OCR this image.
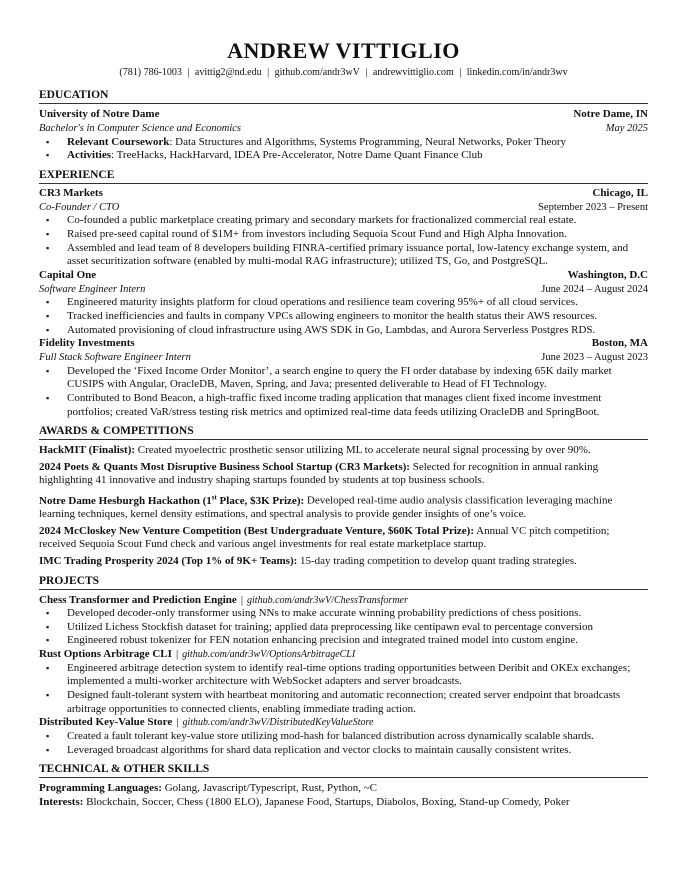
ANDREW VITTIGLIO
(781) 786-1003 | avittig2@nd.edu | github.com/andr3wV | andrewvittiglio.com | linkedin.com/in/andr3wv
EDUCATION
University of Notre Dame	Notre Dame, IN
Bachelor's in Computer Science and Economics	May 2025
▪ Relevant Coursework: Data Structures and Algorithms, Systems Programming, Neural Networks, Poker Theory
▪ Activities: TreeHacks, HackHarvard, IDEA Pre-Accelerator, Notre Dame Quant Finance Club
EXPERIENCE
CR3 Markets	Chicago, IL
Co-Founder / CTO	September 2023 – Present
▪ Co-founded a public marketplace creating primary and secondary markets for fractionalized commercial real estate.
▪ Raised pre-seed capital round of $1M+ from investors including Sequoia Scout Fund and High Alpha Innovation.
▪ Assembled and lead team of 8 developers building FINRA-certified primary issuance portal, low-latency exchange system, and asset securitization software (enabled by multi-modal RAG infrastructure); utilized TS, Go, and PostgreSQL.
Capital One	Washington, D.C
Software Engineer Intern	June 2024 – August 2024
▪ Engineered maturity insights platform for cloud operations and resilience team covering 95%+ of all cloud services.
▪ Tracked inefficiencies and faults in company VPCs allowing engineers to monitor the health status their AWS resources.
▪ Automated provisioning of cloud infrastructure using AWS SDK in Go, Lambdas, and Aurora Serverless Postgres RDS.
Fidelity Investments	Boston, MA
Full Stack Software Engineer Intern	June 2023 – August 2023
▪ Developed the ‘Fixed Income Order Monitor’, a search engine to query the FI order database by indexing 65K daily market CUSIPS with Angular, OracleDB, Maven, Spring, and Java; presented deliverable to Head of FI Technology.
▪ Contributed to Bond Beacon, a high-traffic fixed income trading application that manages client fixed income investment portfolios; created VaR/stress testing risk metrics and optimized real-time data feeds utilizing OracleDB and SpringBoot.
AWARDS & COMPETITIONS
HackMIT (Finalist): Created myoelectric prosthetic sensor utilizing ML to accelerate neural signal processing by over 90%.
2024 Poets & Quants Most Disruptive Business School Startup (CR3 Markets): Selected for recognition in annual ranking highlighting 41 innovative and industry shaping startups founded by students at top business schools.
Notre Dame Hesburgh Hackathon (1st Place, $3K Prize): Developed real-time audio analysis classification leveraging machine learning techniques, kernel density estimations, and spectral analysis to provide gender insights of one’s voice.
2024 McCloskey New Venture Competition (Best Undergraduate Venture, $60K Total Prize): Annual VC pitch competition; received Sequoia Scout Fund check and various angel investments for real estate marketplace startup.
IMC Trading Prosperity 2024 (Top 1% of 9K+ Teams): 15-day trading competition to develop quant trading strategies.
PROJECTS
Chess Transformer and Prediction Engine | github.com/andr3wV/ChessTransformer
▪ Developed decoder-only transformer using NNs to make accurate winning probability predictions of chess positions.
▪ Utilized Lichess Stockfish dataset for training; applied data preprocessing like centipawn eval to percentage conversion
▪ Engineered robust tokenizer for FEN notation enhancing precision and integrated trained model into custom engine.
Rust Options Arbitrage CLI | github.com/andr3wV/OptionsArbitrageCLI
▪ Engineered arbitrage detection system to identify real-time options trading opportunities between Deribit and OKEx exchanges; implemented a multi-worker architecture with WebSocket adapters and server broadcasts.
▪ Designed fault-tolerant system with heartbeat monitoring and automatic reconnection; created server endpoint that broadcasts arbitrage opportunities to connected clients, enabling immediate trading action.
Distributed Key-Value Store | github.com/andr3wV/DistributedKeyValueStore
▪ Created a fault tolerant key-value store utilizing mod-hash for balanced distribution across dynamically scalable shards.
▪ Leveraged broadcast algorithms for shard data replication and vector clocks to maintain causally consistent writes.
TECHNICAL & OTHER SKILLS
Programming Languages: Golang, Javascript/Typescript, Rust, Python, ~C
Interests: Blockchain, Soccer, Chess (1800 ELO), Japanese Food, Startups, Diabolos, Boxing, Stand-up Comedy, Poker
